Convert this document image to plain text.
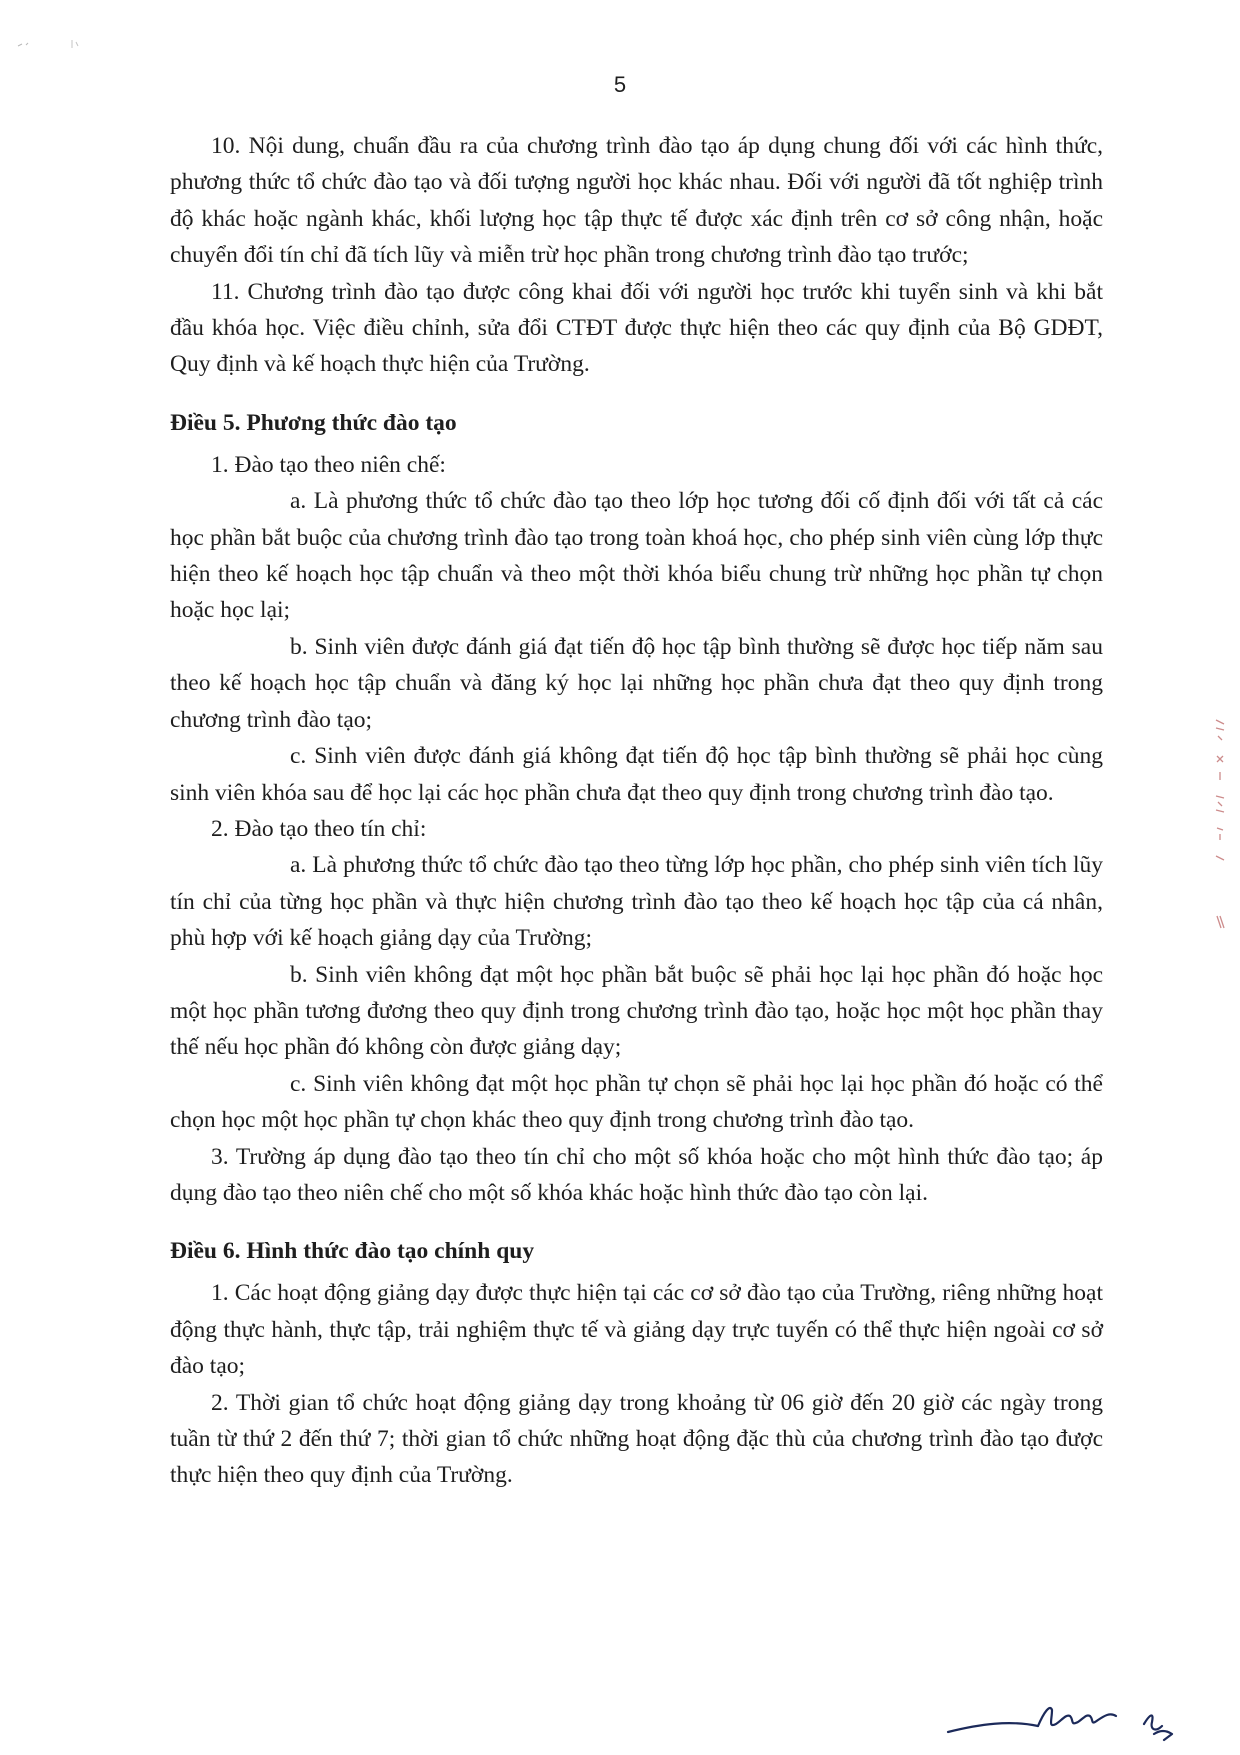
5

10. Nội dung, chuẩn đầu ra của chương trình đào tạo áp dụng chung đối với các hình thức, phương thức tổ chức đào tạo và đối tượng người học khác nhau. Đối với người đã tốt nghiệp trình độ khác hoặc ngành khác, khối lượng học tập thực tế được xác định trên cơ sở công nhận, hoặc chuyển đổi tín chỉ đã tích lũy và miễn trừ học phần trong chương trình đào tạo trước;

11. Chương trình đào tạo được công khai đối với người học trước khi tuyển sinh và khi bắt đầu khóa học. Việc điều chỉnh, sửa đổi CTĐT được thực hiện theo các quy định của Bộ GDĐT, Quy định và kế hoạch thực hiện của Trường.

Điều 5. Phương thức đào tạo

1. Đào tạo theo niên chế:

a. Là phương thức tổ chức đào tạo theo lớp học tương đối cố định đối với tất cả các học phần bắt buộc của chương trình đào tạo trong toàn khoá học, cho phép sinh viên cùng lớp thực hiện theo kế hoạch học tập chuẩn và theo một thời khóa biểu chung trừ những học phần tự chọn hoặc học lại;

b. Sinh viên được đánh giá đạt tiến độ học tập bình thường sẽ được học tiếp năm sau theo kế hoạch học tập chuẩn và đăng ký học lại những học phần chưa đạt theo quy định trong chương trình đào tạo;

c. Sinh viên được đánh giá không đạt tiến độ học tập bình thường sẽ phải học cùng sinh viên khóa sau để học lại các học phần chưa đạt theo quy định trong chương trình đào tạo.

2. Đào tạo theo tín chỉ:

a. Là phương thức tổ chức đào tạo theo từng lớp học phần, cho phép sinh viên tích lũy tín chỉ của từng học phần và thực hiện chương trình đào tạo theo kế hoạch học tập của cá nhân, phù hợp với kế hoạch giảng dạy của Trường;

b. Sinh viên không đạt một học phần bắt buộc sẽ phải học lại học phần đó hoặc học một học phần tương đương theo quy định trong chương trình đào tạo, hoặc học một học phần thay thế nếu học phần đó không còn được giảng dạy;

c. Sinh viên không đạt một học phần tự chọn sẽ phải học lại học phần đó hoặc có thể chọn học một học phần tự chọn khác theo quy định trong chương trình đào tạo.

3. Trường áp dụng đào tạo theo tín chỉ cho một số khóa hoặc cho một hình thức đào tạo; áp dụng đào tạo theo niên chế cho một số khóa khác hoặc hình thức đào tạo còn lại.

Điều 6. Hình thức đào tạo chính quy

1. Các hoạt động giảng dạy được thực hiện tại các cơ sở đào tạo của Trường, riêng những hoạt động thực hành, thực tập, trải nghiệm thực tế và giảng dạy trực tuyến có thể thực hiện ngoài cơ sở đào tạo;

2. Thời gian tổ chức hoạt động giảng dạy trong khoảng từ 06 giờ đến 20 giờ các ngày trong tuần từ thứ 2 đến thứ 7; thời gian tổ chức những hoạt động đặc thù của chương trình đào tạo được thực hiện theo quy định của Trường.
